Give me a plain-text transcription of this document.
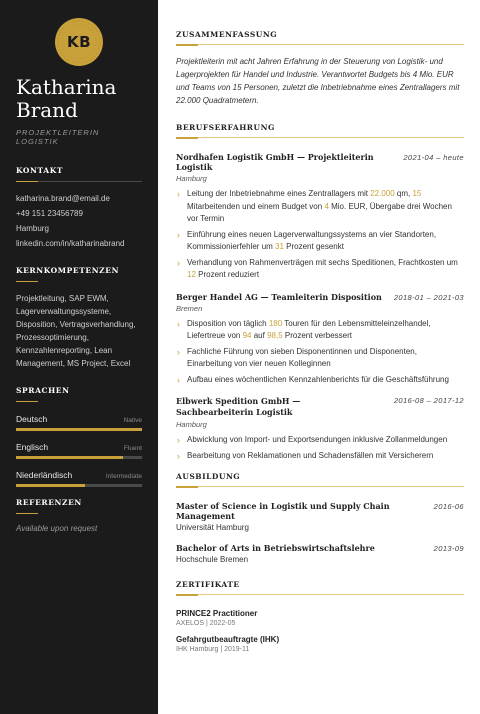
KB
Katharina
Brand
PROJEKTLEITERIN LOGISTIK
KONTAKT
katharina.brand@email.de
+49 151 23456789
Hamburg
linkedin.com/in/katharinabrand
KERNKOMPETENZEN
Projektleitung, SAP EWM, Lagerverwaltungssysteme, Disposition, Vertragsverhandlung, Prozessoptimierung, Kennzahlenreporting, Lean Management, MS Project, Excel
SPRACHEN
Deutsch	Native
Englisch	Fluent
Niederländisch	Intermediate
REFERENZEN
Available upon request
ZUSAMMENFASSUNG
Projektleiterin mit acht Jahren Erfahrung in der Steuerung von Logistik- und Lagerprojekten für Handel und Industrie. Verantwortet Budgets bis 4 Mio. EUR und Teams von 15 Personen, zuletzt die Inbetriebnahme eines Zentrallagers mit 22.000 Quadratmetern.
BERUFSERFAHRUNG
Nordhafen Logistik GmbH — Projektleiterin Logistik
2021-04 – heute
Hamburg
› Leitung der Inbetriebnahme eines Zentrallagers mit 22.000 qm, 15 Mitarbeitenden und einem Budget von 4 Mio. EUR, Übergabe drei Wochen vor Termin
› Einführung eines neuen Lagerverwaltungssystems an vier Standorten, Kommissionierfehler um 31 Prozent gesenkt
› Verhandlung von Rahmenverträgen mit sechs Speditionen, Frachtkosten um 12 Prozent reduziert
Berger Handel AG — Teamleiterin Disposition 2018-01 – 2021-03
Bremen
› Disposition von täglich 180 Touren für den Lebensmitteleinzelhandel, Liefertreue von 94 auf 98,5 Prozent verbessert
› Fachliche Führung von sieben Disponentinnen und Disponenten, Einarbeitung von vier neuen Kolleginnen
› Aufbau eines wöchentlichen Kennzahlenberichts für die Geschäftsführung
Elbwerk Spedition GmbH — Sachbearbeiterin Logistik
2016-08 – 2017-12
Hamburg
› Abwicklung von Import- und Exportsendungen inklusive Zollanmeldungen
› Bearbeitung von Reklamationen und Schadensfällen mit Versicherern
AUSBILDUNG
Master of Science in Logistik und Supply Chain Management
2016-06
Universität Hamburg
Bachelor of Arts in Betriebswirtschaftslehre	2013-09
Hochschule Bremen
ZERTIFIKATE
PRINCE2 Practitioner
AXELOS | 2022-05
Gefahrgutbeauftragte (IHK)
IHK Hamburg | 2019-11
